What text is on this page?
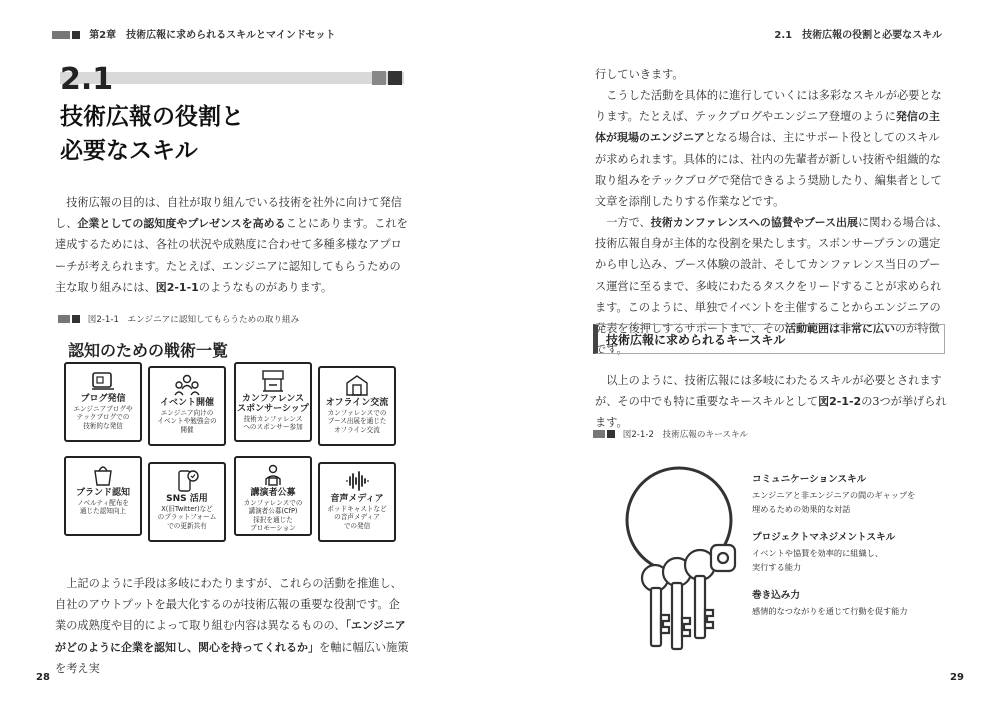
第2章　技術広報に求められるスキルとマインドセット
2.1
技術広報の役割と
必要なスキル
　技術広報の目的は、自社が取り組んでいる技術を社外に向けて発信し、企業としての認知度やプレゼンスを高めることにあります。これを達成するためには、各社の状況や成熟度に合わせて多種多様なアプローチが考えられます。たとえば、エンジニアに認知してもらうための主な取り組みには、図2-1-1のようなものがあります。
図2-1-1　エンジニアに認知してもらうための取り組み
認知のための戦術一覧
ブログ発信
エンジニアブログや
テックブログでの
技術的な発信
イベント開催
エンジニア向けの
イベントや勉強会の
開催
カンファレンス
スポンサーシップ
技術カンファレンス
へのスポンサー参加
オフライン交流
カンファレンスでの
ブース出展を通じた
オフライン交流
ブランド認知
ノベルティ配布を
通じた認知向上
SNS 活用
X(旧Twitter)など
のプラットフォーム
での更新共有
講演者公募
カンファレンスでの
講演者公募(CfP)
採択を通じた
プロモーション
音声メディア
ポッドキャストなど
の音声メディア
での発信
　上記のように手段は多岐にわたりますが、これらの活動を推進し、自社のアウトプットを最大化するのが技術広報の重要な役割です。企業の成熟度や目的によって取り組む内容は異なるものの、「エンジニアがどのように企業を認知し、関心を持ってくれるか」を軸に幅広い施策を考え実
28
2.1　技術広報の役割と必要なスキル
行していきます。
　こうした活動を具体的に進行していくには多彩なスキルが必要となります。たとえば、テックブログやエンジニア登壇のように発信の主体が現場のエンジニアとなる場合は、主にサポート役としてのスキルが求められます。具体的には、社内の先輩者が新しい技術や組織的な取り組みをテックブログで発信できるよう奨励したり、編集者として文章を添削したりする作業などです。
　一方で、技術カンファレンスへの協賛やブース出展に関わる場合は、技術広報自身が主体的な役割を果たします。スポンサープランの選定から申し込み、ブース体験の設計、そしてカンファレンス当日のブース運営に至るまで、多岐にわたるタスクをリードすることが求められます。このように、単独でイベントを主催することからエンジニアの発表を後押しするサポートまで、その活動範囲は非常に広いのが特徴です。
技術広報に求められるキースキル
　以上のように、技術広報には多岐にわたるスキルが必要とされますが、その中でも特に重要なキースキルとして図2-1-2の3つが挙げられます。
図2-1-2　技術広報のキースキル
コミュニケーションスキル
エンジニアと非エンジニアの間のギャップを
埋めるための効果的な対話
プロジェクトマネジメントスキル
イベントや協賛を効率的に組織し、
実行する能力
巻き込み力
感情的なつながりを通じて行動を促す能力
29
